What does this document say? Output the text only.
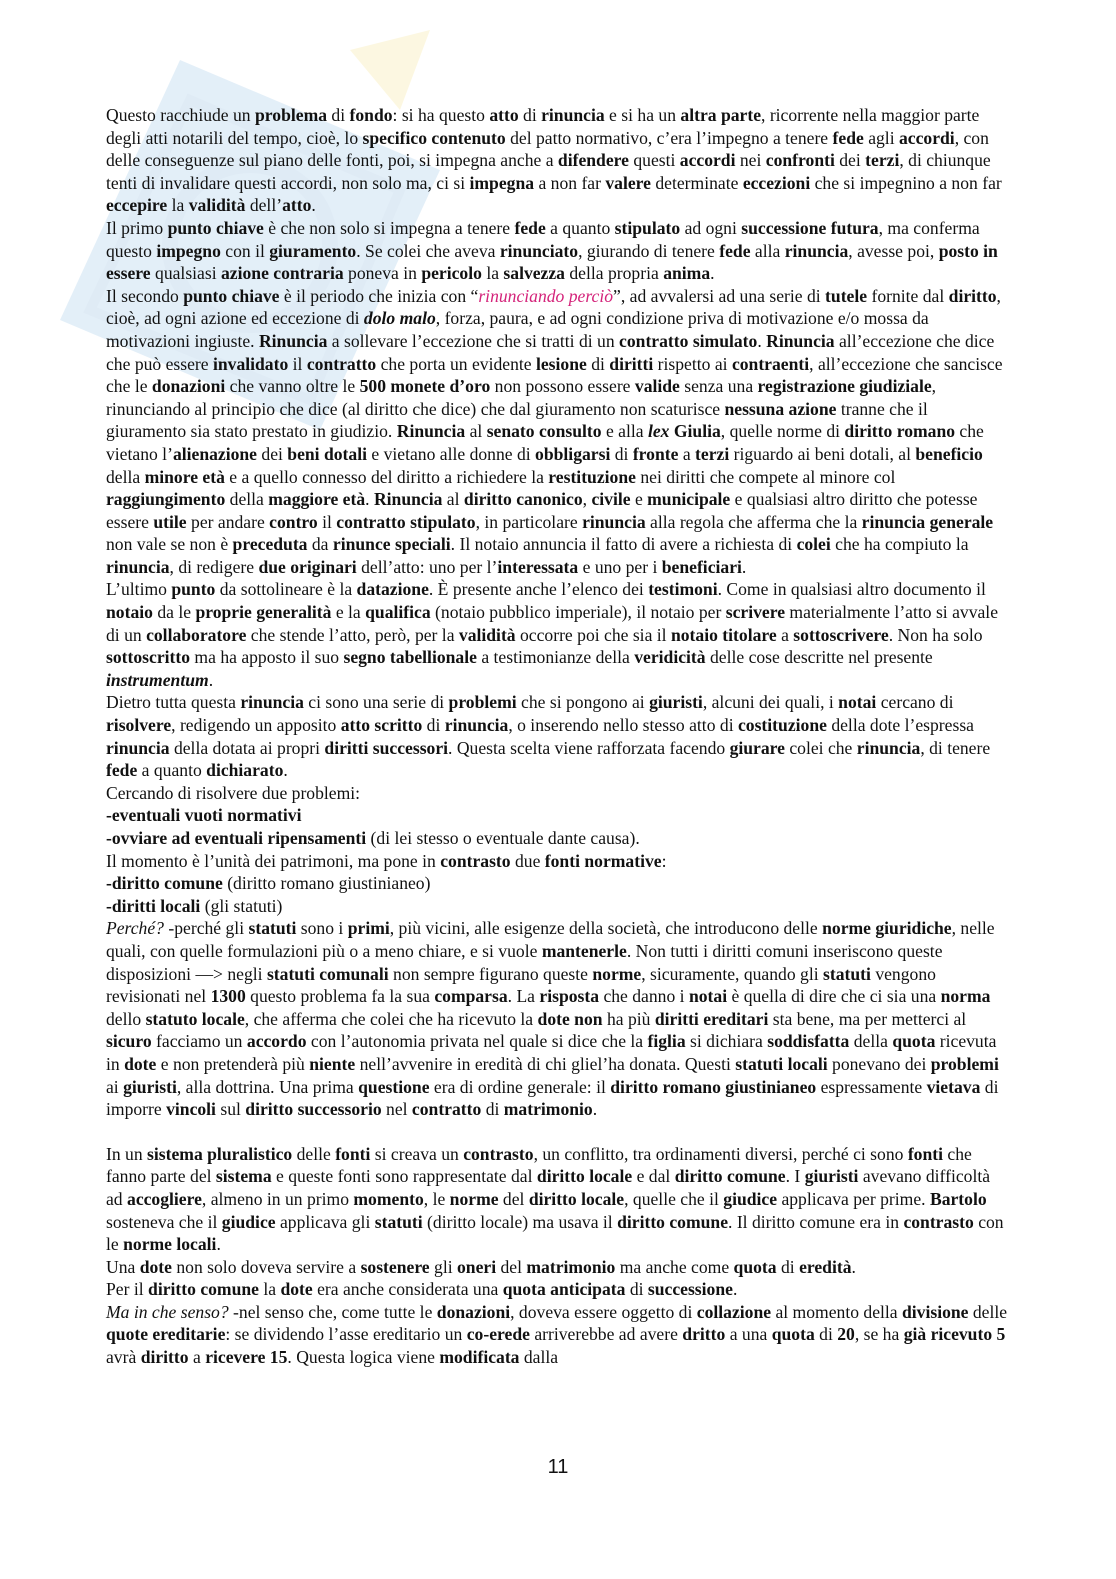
Questo racchiude un problema di fondo: si ha questo atto di rinuncia e si ha un altra parte, ricorrente nella maggior parte degli atti notarili del tempo, cioè, lo specifico contenuto del patto normativo, c’era l’impegno a tenere fede agli accordi, con delle conseguenze sul piano delle fonti, poi, si impegna anche a difendere questi accordi nei confronti dei terzi, di chiunque tenti di invalidare questi accordi, non solo ma, ci si impegna a non far valere determinate eccezioni che si impegnino a non far eccepire la validità dell’atto.

Il primo punto chiave è che non solo si impegna a tenere fede a quanto stipulato ad ogni successione futura, ma conferma questo impegno con il giuramento. Se colei che aveva rinunciato, giurando di tenere fede alla rinuncia, avesse poi, posto in essere qualsiasi azione contraria poneva in pericolo la salvezza della propria anima.

Il secondo punto chiave è il periodo che inizia con “rinunciando perciò”, ad avvalersi ad una serie di tutele fornite dal diritto, cioè, ad ogni azione ed eccezione di dolo malo, forza, paura, e ad ogni condizione priva di motivazione e/o mossa da motivazioni ingiuste. Rinuncia a sollevare l’eccezione che si tratti di un contratto simulato. Rinuncia all’eccezione che dice che può essere invalidato il contratto che porta un evidente lesione di diritti rispetto ai contraenti, all’eccezione che sancisce che le donazioni che vanno oltre le 500 monete d’oro non possono essere valide senza una registrazione giudiziale, rinunciando al principio che dice (al diritto che dice) che dal giuramento non scaturisce nessuna azione tranne che il giuramento sia stato prestato in giudizio. Rinuncia al senato consulto e alla lex Giulia, quelle norme di diritto romano che vietano l’alienazione dei beni dotali e vietano alle donne di obbligarsi di fronte a terzi riguardo ai beni dotali, al beneficio della minore età e a quello connesso del diritto a richiedere la restituzione nei diritti che compete al minore col raggiungimento della maggiore età. Rinuncia al diritto canonico, civile e municipale e qualsiasi altro diritto che potesse essere utile per andare contro il contratto stipulato, in particolare rinuncia alla regola che afferma che la rinuncia generale non vale se non è preceduta da rinunce speciali. Il notaio annuncia il fatto di avere a richiesta di colei che ha compiuto la rinuncia, di redigere due originari dell’atto: uno per l’interessata e uno per i beneficiari.

L’ultimo punto da sottolineare è la datazione. È presente anche l’elenco dei testimoni. Come in qualsiasi altro documento il notaio da le proprie generalità e la qualifica (notaio pubblico imperiale), il notaio per scrivere materialmente l’atto si avvale di un collaboratore che stende l’atto, però, per la validità occorre poi che sia il notaio titolare a sottoscrivere. Non ha solo sottoscritto ma ha apposto il suo segno tabellionale a testimonianze della veridicità delle cose descritte nel presente instrumentum.

Dietro tutta questa rinuncia ci sono una serie di problemi che si pongono ai giuristi, alcuni dei quali, i notai cercano di risolvere, redigendo un apposito atto scritto di rinuncia, o inserendo nello stesso atto di costituzione della dote l’espressa rinuncia della dotata ai propri diritti successori. Questa scelta viene rafforzata facendo giurare colei che rinuncia, di tenere fede a quanto dichiarato.

Cercando di risolvere due problemi:

-eventuali vuoti normativi

-ovviare ad eventuali ripensamenti (di lei stesso o eventuale dante causa).

Il momento è l’unità dei patrimoni, ma pone in contrasto due fonti normative:

-diritto comune (diritto romano giustinianeo)

-diritti locali (gli statuti)

Perché? -perché gli statuti sono i primi, più vicini, alle esigenze della società, che introducono delle norme giuridiche, nelle quali, con quelle formulazioni più o a meno chiare, e si vuole mantenerle. Non tutti i diritti comuni inseriscono queste disposizioni —> negli statuti comunali non sempre figurano queste norme, sicuramente, quando gli statuti vengono revisionati nel 1300 questo problema fa la sua comparsa. La risposta che danno i notai è quella di dire che ci sia una norma dello statuto locale, che afferma che colei che ha ricevuto la dote non ha più diritti ereditari sta bene, ma per metterci al sicuro facciamo un accordo con l’autonomia privata nel quale si dice che la figlia si dichiara soddisfatta della quota ricevuta in dote e non pretenderà più niente nell’avvenire in eredità di chi gliel’ha donata. Questi statuti locali ponevano dei problemi ai giuristi, alla dottrina. Una prima questione era di ordine generale: il diritto romano giustinianeo espressamente vietava di imporre vincoli sul diritto successorio nel contratto di matrimonio.

In un sistema pluralistico delle fonti si creava un contrasto, un conflitto, tra ordinamenti diversi, perché ci sono fonti che fanno parte del sistema e queste fonti sono rappresentate dal diritto locale e dal diritto comune. I giuristi avevano difficoltà ad accogliere, almeno in un primo momento, le norme del diritto locale, quelle che il giudice applicava per prime. Bartolo sosteneva che il giudice applicava gli statuti (diritto locale) ma usava il diritto comune. Il diritto comune era in contrasto con le norme locali.

Una dote non solo doveva servire a sostenere gli oneri del matrimonio ma anche come quota di eredità.

Per il diritto comune la dote era anche considerata una quota anticipata di successione.

Ma in che senso? -nel senso che, come tutte le donazioni, doveva essere oggetto di collazione al momento della divisione delle quote ereditarie: se dividendo l’asse ereditario un co-erede arriverebbe ad avere dritto a una quota di 20, se ha già ricevuto 5 avrà diritto a ricevere 15. Questa logica viene modificata dalla

11
